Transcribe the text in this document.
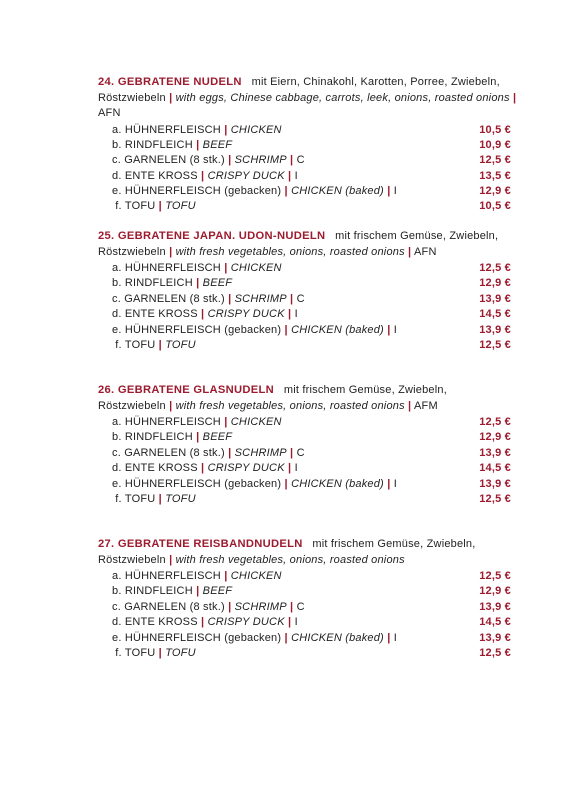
24. GEBRATENE NUDELN mit Eiern, Chinakohl, Karotten, Porree, Zwiebeln, Röstzwiebeln | with eggs, Chinese cabbage, carrots, leek, onions, roasted onions | AFN
a. HÜHNERFLEISCH | CHICKEN	10,5 €
b. RINDFLEICH | BEEF	10,9 €
c. GARNELEN (8 stk.) | SCHRIMP | C	12,5 €
d. ENTE KROSS | CRISPY DUCK | I	13,5 €
e. HÜHNERFLEISCH (gebacken) | CHICKEN (baked) | I	12,9 €
f. TOFU | TOFU	10,5 €
25. GEBRATENE JAPAN. UDON-NUDELN mit frischem Gemüse, Zwiebeln, Röstzwiebeln | with fresh vegetables, onions, roasted onions | AFN
a. HÜHNERFLEISCH | CHICKEN	12,5 €
b. RINDFLEICH | BEEF	12,9 €
c. GARNELEN (8 stk.) | SCHRIMP | C	13,9 €
d. ENTE KROSS | CRISPY DUCK | I	14,5 €
e. HÜHNERFLEISCH (gebacken) | CHICKEN (baked) | I	13,9 €
f. TOFU | TOFU	12,5 €
26. GEBRATENE GLASNUDELN mit frischem Gemüse, Zwiebeln, Röstzwiebeln | with fresh vegetables, onions, roasted onions | AFM
a. HÜHNERFLEISCH | CHICKEN	12,5 €
b. RINDFLEICH | BEEF	12,9 €
c. GARNELEN (8 stk.) | SCHRIMP | C	13,9 €
d. ENTE KROSS | CRISPY DUCK | I	14,5 €
e. HÜHNERFLEISCH (gebacken) | CHICKEN (baked) | I	13,9 €
f. TOFU | TOFU	12,5 €
27. GEBRATENE REISBANDNUDELN mit frischem Gemüse, Zwiebeln, Röstzwiebeln | with fresh vegetables, onions, roasted onions
a. HÜHNERFLEISCH | CHICKEN	12,5 €
b. RINDFLEICH | BEEF	12,9 €
c. GARNELEN (8 stk.) | SCHRIMP | C	13,9 €
d. ENTE KROSS | CRISPY DUCK | I	14,5 €
e. HÜHNERFLEISCH (gebacken) | CHICKEN (baked) | I	13,9 €
f. TOFU | TOFU	12,5 €
